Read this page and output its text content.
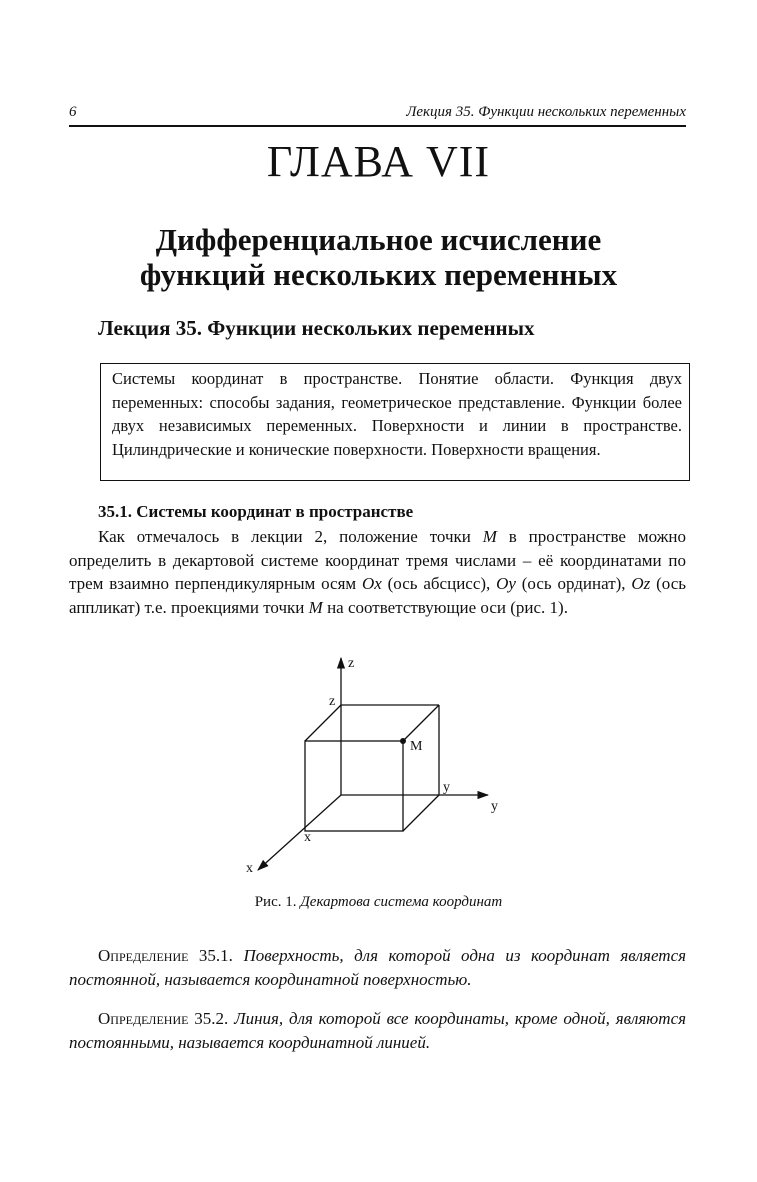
6	Лекция 35. Функции нескольких переменных
ГЛАВА VII
Дифференциальное исчисление
функций нескольких переменных
Лекция 35. Функции нескольких переменных
Системы координат в пространстве. Понятие области. Функция двух переменных: способы задания, геометрическое представление. Функции более двух независимых переменных. Поверхности и линии в пространстве. Цилиндрические и конические поверхности. Поверхности вращения.
35.1. Системы координат в пространстве
Как отмечалось в лекции 2, положение точки M в пространстве можно определить в декартовой системе координат тремя числами – её координатами по трем взаимно перпендикулярным осям Ox (ось абсцисс), Oy (ось ординат), Oz (ось аппликат) т.е. проекциями точки M на соответствующие оси (рис. 1).
z
z
M
y
y
x
x
Рис. 1. Декартова система координат
Определение 35.1. Поверхность, для которой одна из координат является постоянной, называется координатной поверхностью.
Определение 35.2. Линия, для которой все координаты, кроме одной, являются постоянными, называется координатной линией.
